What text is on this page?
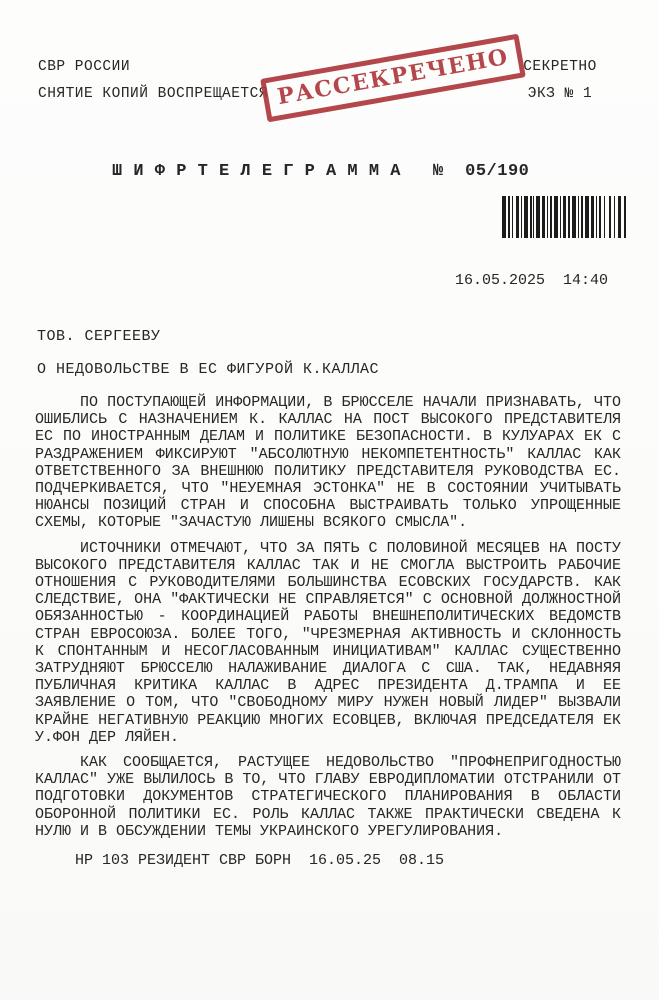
СВР РОССИИ
СНЯТИЕ КОПИЙ ВОСПРЕЩАЕТСЯ РАССЕКРЕЧЕНО СЕКРЕТНО
ЭКЗ № 1
Ш И Ф Р Т Е Л Е Г Р А М М А   №  05/190
16.05.2025  14:40
ТОВ. СЕРГЕЕВУ
О НЕДОВОЛЬСТВЕ В ЕС ФИГУРОЙ К.КАЛЛАС

ПО ПОСТУПАЮЩЕЙ ИНФОРМАЦИИ, В БРЮССЕЛЕ НАЧАЛИ ПРИЗНАВАТЬ, ЧТО ОШИБЛИСЬ С НАЗНАЧЕНИЕМ К. КАЛЛАС НА ПОСТ ВЫСОКОГО ПРЕДСТАВИТЕЛЯ ЕС ПО ИНОСТРАННЫМ ДЕЛАМ И ПОЛИТИКЕ БЕЗОПАСНОСТИ. В КУЛУАРАХ ЕК С РАЗДРАЖЕНИЕМ ФИКСИРУЮТ "АБСОЛЮТНУЮ НЕКОМПЕТЕНТНОСТЬ" КАЛЛАС КАК ОТВЕТСТВЕННОГО ЗА ВНЕШНЮЮ ПОЛИТИКУ ПРЕДСТАВИТЕЛЯ РУКОВОДСТВА ЕС. ПОДЧЕРКИВАЕТСЯ, ЧТО "НЕУЕМНАЯ ЭСТОНКА" НЕ В СОСТОЯНИИ УЧИТЫВАТЬ НЮАНСЫ ПОЗИЦИЙ СТРАН И СПОСОБНА ВЫСТРАИВАТЬ ТОЛЬКО УПРОЩЕННЫЕ СХЕМЫ, КОТОРЫЕ "ЗАЧАСТУЮ ЛИШЕНЫ ВСЯКОГО СМЫСЛА".

ИСТОЧНИКИ ОТМЕЧАЮТ, ЧТО ЗА ПЯТЬ С ПОЛОВИНОЙ МЕСЯЦЕВ НА ПОСТУ ВЫСОКОГО ПРЕДСТАВИТЕЛЯ КАЛЛАС ТАК И НЕ СМОГЛА ВЫСТРОИТЬ РАБОЧИЕ ОТНОШЕНИЯ С РУКОВОДИТЕЛЯМИ БОЛЬШИНСТВА ЕСОВСКИХ ГОСУДАРСТВ. КАК СЛЕДСТВИЕ, ОНА "ФАКТИЧЕСКИ НЕ СПРАВЛЯЕТСЯ" С ОСНОВНОЙ ДОЛЖНОСТНОЙ ОБЯЗАННОСТЬЮ - КООРДИНАЦИЕЙ РАБОТЫ ВНЕШНЕПОЛИТИЧЕСКИХ ВЕДОМСТВ СТРАН ЕВРОСОЮЗА. БОЛЕЕ ТОГО, "ЧРЕЗМЕРНАЯ АКТИВНОСТЬ И СКЛОННОСТЬ К СПОНТАННЫМ И НЕСОГЛАСОВАННЫМ ИНИЦИАТИВАМ" КАЛЛАС СУЩЕСТВЕННО ЗАТРУДНЯЮТ БРЮССЕЛЮ НАЛАЖИВАНИЕ ДИАЛОГА С США. ТАК, НЕДАВНЯЯ ПУБЛИЧНАЯ КРИТИКА КАЛЛАС В АДРЕС ПРЕЗИДЕНТА Д.ТРАМПА И ЕЕ ЗАЯВЛЕНИЕ О ТОМ, ЧТО "СВОБОДНОМУ МИРУ НУЖЕН НОВЫЙ ЛИДЕР" ВЫЗВАЛИ КРАЙНЕ НЕГАТИВНУЮ РЕАКЦИЮ МНОГИХ ЕСОВЦЕВ, ВКЛЮЧАЯ ПРЕДСЕДАТЕЛЯ ЕК У.ФОН ДЕР ЛЯЙЕН.

КАК СООБЩАЕТСЯ, РАСТУЩЕЕ НЕДОВОЛЬСТВО "ПРОФНЕПРИГОДНОСТЬЮ КАЛЛАС" УЖЕ ВЫЛИЛОСЬ В ТО, ЧТО ГЛАВУ ЕВРОДИПЛОМАТИИ ОТСТРАНИЛИ ОТ ПОДГОТОВКИ ДОКУМЕНТОВ СТРАТЕГИЧЕСКОГО ПЛАНИРОВАНИЯ В ОБЛАСТИ ОБОРОННОЙ ПОЛИТИКИ ЕС. РОЛЬ КАЛЛАС ТАКЖЕ ПРАКТИЧЕСКИ СВЕДЕНА К НУЛЮ И В ОБСУЖДЕНИИ ТЕМЫ УКРАИНСКОГО УРЕГУЛИРОВАНИЯ.

НР 103 РЕЗИДЕНТ СВР БОРН  16.05.25  08.15
